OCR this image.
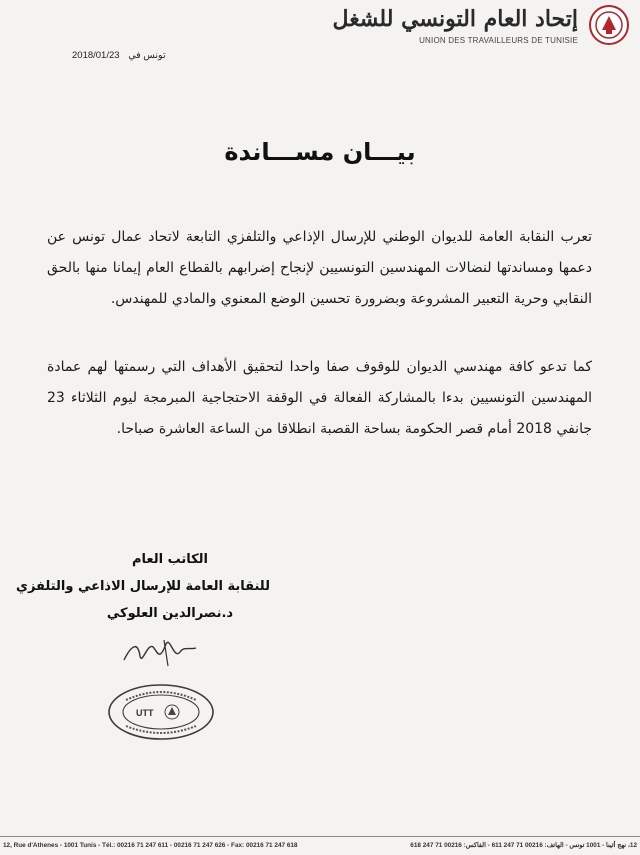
إتحاد العام التونسي للشغل
UNION DES TRAVAILLEURS DE TUNISIE
2018/01/23 تونس في
بيـــان مســـاندة
تعرب النقابة العامة للديوان الوطني للإرسال الإذاعي والتلفزي التابعة لاتحاد عمال تونس عن دعمها ومساندتها لنضالات المهندسين التونسيين لإنجاح إضرابهم بالقطاع العام إيمانا منها بالحق النقابي وحرية التعبير المشروعة وبضرورة تحسين الوضع المعنوي والمادي للمهندس.
كما تدعو كافة مهندسي الديوان للوقوف صفا واحدا لتحقيق الأهداف التي رسمتها لهم عمادة المهندسين التونسيين بدءا بالمشاركة الفعالة في الوقفة الاحتجاجية المبرمجة ليوم الثلاثاء 23 جانفي 2018 أمام قصر الحكومة بساحة القصبة انطلاقا من الساعة العاشرة صباحا.
الكاتب العام
للنقابة العامة للإرسال الاذاعي والتلفزي
د.نصرالدين العلوكي
UTT
12, Rue d'Athenes - 1001 Tunis - Tél.: 00216 71 247 611 - 00216 71 247 626 - Fax: 00216 71 247 618	12، نهج أثينا - 1001 تونس - الهاتف: 00216 71 247 611 - الفاكس: 00216 71 247 618
